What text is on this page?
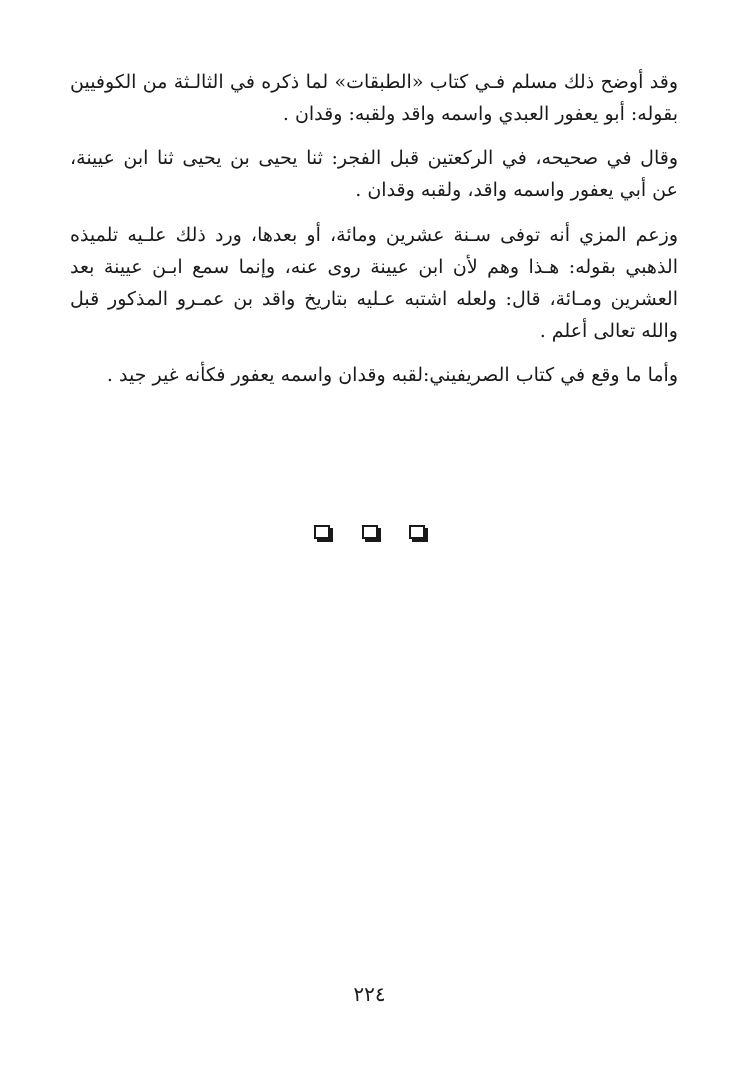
وقد أوضح ذلك مسلم فـي كتاب «الطبقات» لما ذكره في الثالـثة من الكوفيين
بقوله: أبو يعفور العبدي واسمه واقد ولقبه: وقدان .
وقال في صحيحه، في الركعتين قبل الفجر: ثنا يحيى بن يحيى ثنا ابن عيينة،
عن أبي يعفور واسمه واقد، ولقبه وقدان .
وزعم المزي أنه توفى سـنة عشرين ومائة، أو بعدها، ورد ذلك علـيه تلميذه
الذهبي بقوله: هـذا وهم لأن ابن عيينة روى عنه، وإنما سمع ابـن عيينة بعد
العشرين ومـائة، قال: ولعله اشتبه عـليه بتاريخ واقد بن عمـرو المذكور قبل
والله تعالى أعلم .
وأما ما وقع في كتاب الصريفيني:لقبه وقدان واسمه يعفور فكأنه غير جيد .

٢٢٤
